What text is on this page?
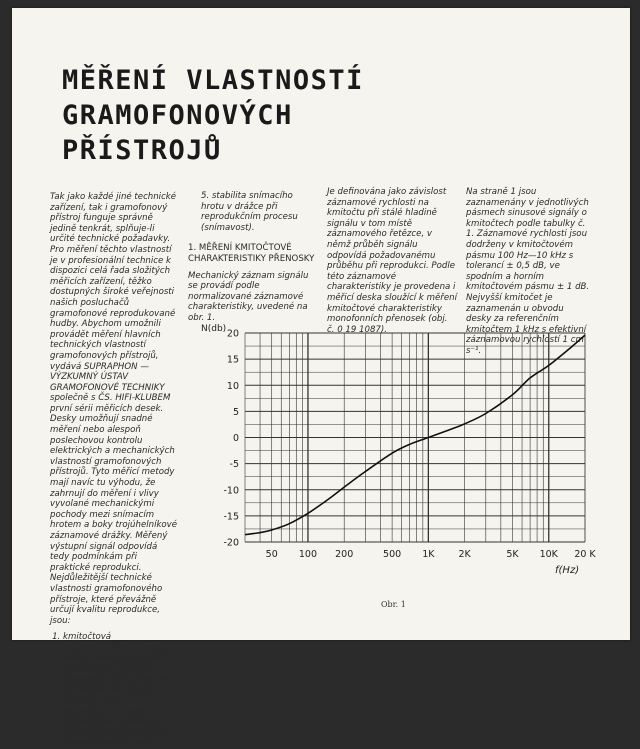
MĚŘENÍ VLASTNOSTÍ
GRAMOFONOVÝCH
PŘÍSTROJŮ

Tak jako každé jiné technické zařízení, tak i gramofonový přístroj funguje správně jedině tenkrát, splňuje-li určité technické požadavky. Pro měření těchto vlastností je v profesionální technice k dispozici celá řada složitých měřicích zařízení, těžko dostupných široké veřejnosti našich posluchačů gramofonové reprodukované hudby. Abychom umožnili provádět měření hlavních technických vlastností gramofonových přístrojů, vydává SUPRAPHON — VÝZKUMNÝ ÚSTAV GRAMOFONOVÉ TECHNIKY společně s ČS. HIFI-KLUBEM první sérii měřicích desek. Desky umožňují snadné měření nebo alespoň poslechovou kontrolu elektrických a mechanických vlastností gramofonových přístrojů. Tyto měřicí metody mají navíc tu výhodu, že zahrnují do měření i vlivy vyvolané mechanickými pochody mezi snímacím hrotem a boky trojúhelníkové záznamové drážky. Měřený výstupní signál odpovídá tedy podmínkám při praktické reprodukci.

Nejdůležitější technické vlastnosti gramofonového přístroje, které převážně určují kvalitu reprodukce, jsou:

1. kmitočtová charakteristika přenosky
2. odstup rušivých napětí vyvolaných chvěním gramofonového přístroje od užitečného signálu
3. přeslech mezi jednotlivými kanály stereofonních přenosek
4. kolísání rychlosti otáčení gramofonového talíře

5. stabilita snímacího hrotu v drážce při reprodukčním procesu (snímavost).

1. MĚŘENÍ KMITOČTOVÉ CHARAKTERISTIKY PŘENOSKY

Mechanický záznam signálu se provádí podle normalizované záznamové charakteristiky, uvedené na obr. 1.

Je definována jako závislost záznamové rychlosti na kmitočtu při stálé hladině signálu v tom místě záznamového řetězce, v němž průběh signálu odpovídá požadovanému průběhu při reprodukci. Podle této záznamové charakteristiky je provedena i měřicí deska sloužící k měření kmitočtové charakteristiky monofonních přenosek (obj. č. 0 19 1087).

Na straně 1 jsou zaznamenány v jednotlivých pásmech sinusové signály o kmitočtech podle tabulky č. 1. Záznamové rychlosti jsou dodrženy v kmitočtovém pásmu 100 Hz—10 kHz s tolerancí ± 0,5 dB, ve spodním a horním kmitočtovém pásmu ± 1 dB. Nejvyšší kmitočet je zaznamenán u obvodu desky za referenčním kmitočtem 1 kHz s efektivní záznamovou rychlostí 1 cm s⁻¹.

20
15
10
5
0
-5
-10
-15
-20
50 100 200	500 1K	2K	5K 10K 20 K
N(db)
f(Hz)
Obr. 1
